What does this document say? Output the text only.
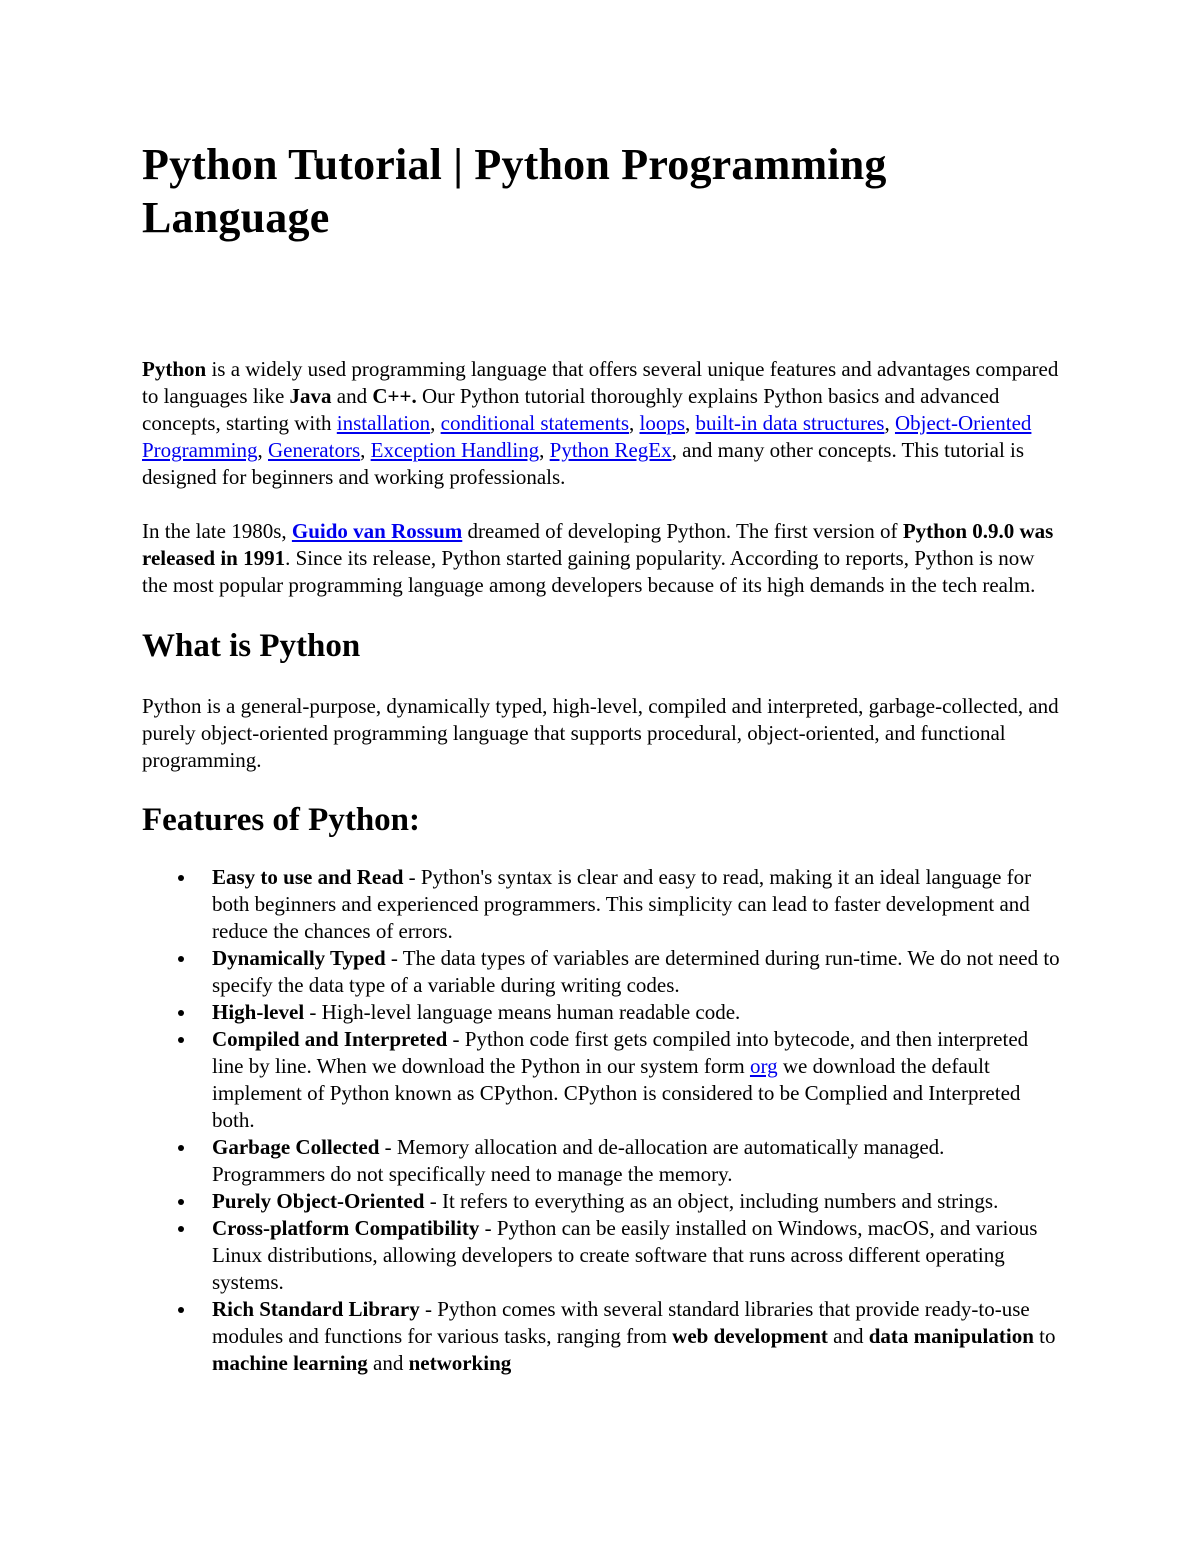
Python Tutorial | Python Programming Language

Python is a widely used programming language that offers several unique features and advantages compared to languages like Java and C++. Our Python tutorial thoroughly explains Python basics and advanced concepts, starting with installation, conditional statements, loops, built-in data structures, Object-Oriented Programming, Generators, Exception Handling, Python RegEx, and many other concepts. This tutorial is designed for beginners and working professionals.

In the late 1980s, Guido van Rossum dreamed of developing Python. The first version of Python 0.9.0 was released in 1991. Since its release, Python started gaining popularity. According to reports, Python is now the most popular programming language among developers because of its high demands in the tech realm.

What is Python

Python is a general-purpose, dynamically typed, high-level, compiled and interpreted, garbage-collected, and purely object-oriented programming language that supports procedural, object-oriented, and functional programming.

Features of Python:
Easy to use and Read - Python's syntax is clear and easy to read, making it an ideal language for both beginners and experienced programmers. This simplicity can lead to faster development and reduce the chances of errors.
Dynamically Typed - The data types of variables are determined during run-time. We do not need to specify the data type of a variable during writing codes.
High-level - High-level language means human readable code.
Compiled and Interpreted - Python code first gets compiled into bytecode, and then interpreted line by line. When we download the Python in our system form org we download the default implement of Python known as CPython. CPython is considered to be Complied and Interpreted both.
Garbage Collected - Memory allocation and de-allocation are automatically managed. Programmers do not specifically need to manage the memory.
Purely Object-Oriented - It refers to everything as an object, including numbers and strings.
Cross-platform Compatibility - Python can be easily installed on Windows, macOS, and various Linux distributions, allowing developers to create software that runs across different operating systems.
Rich Standard Library - Python comes with several standard libraries that provide ready-to-use modules and functions for various tasks, ranging from web development and data manipulation to machine learning and networking
